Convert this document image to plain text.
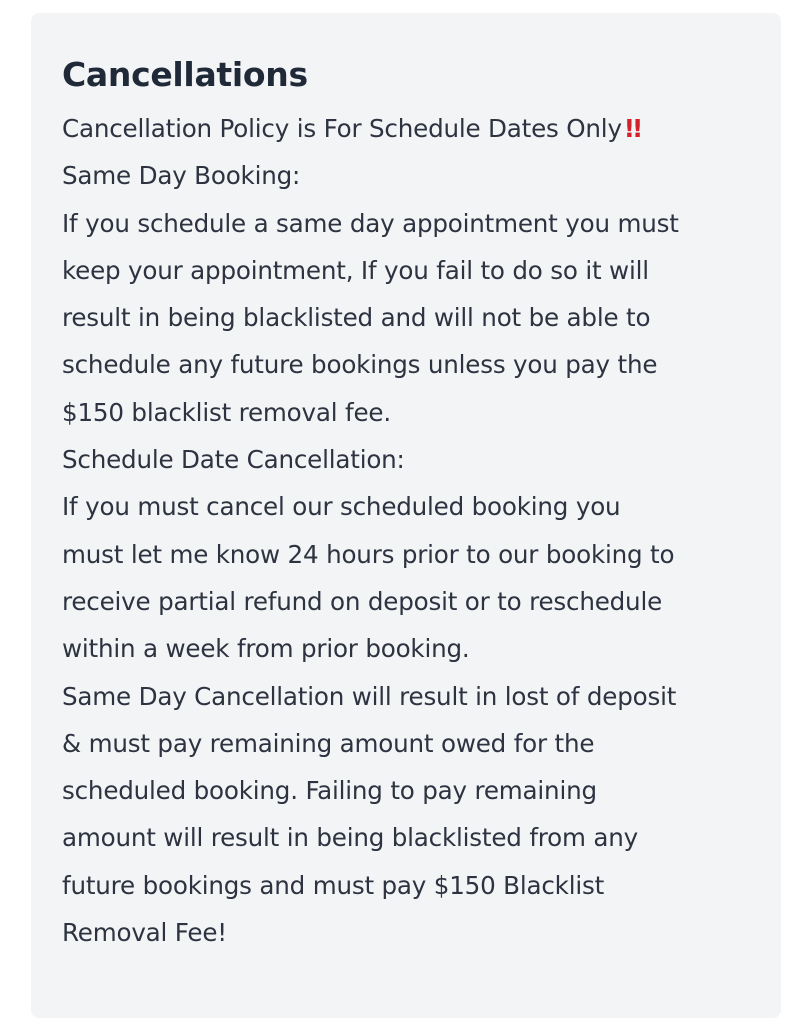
Cancellations
Cancellation Policy is For Schedule Dates Only!!
Same Day Booking:
If you schedule a same day appointment you must
keep your appointment, If you fail to do so it will
result in being blacklisted and will not be able to
schedule any future bookings unless you pay the
$150 blacklist removal fee.
Schedule Date Cancellation:
If you must cancel our scheduled booking you
must let me know 24 hours prior to our booking to
receive partial refund on deposit or to reschedule
within a week from prior booking.
Same Day Cancellation will result in lost of deposit
& must pay remaining amount owed for the
scheduled booking. Failing to pay remaining
amount will result in being blacklisted from any
future bookings and must pay $150 Blacklist
Removal Fee!
